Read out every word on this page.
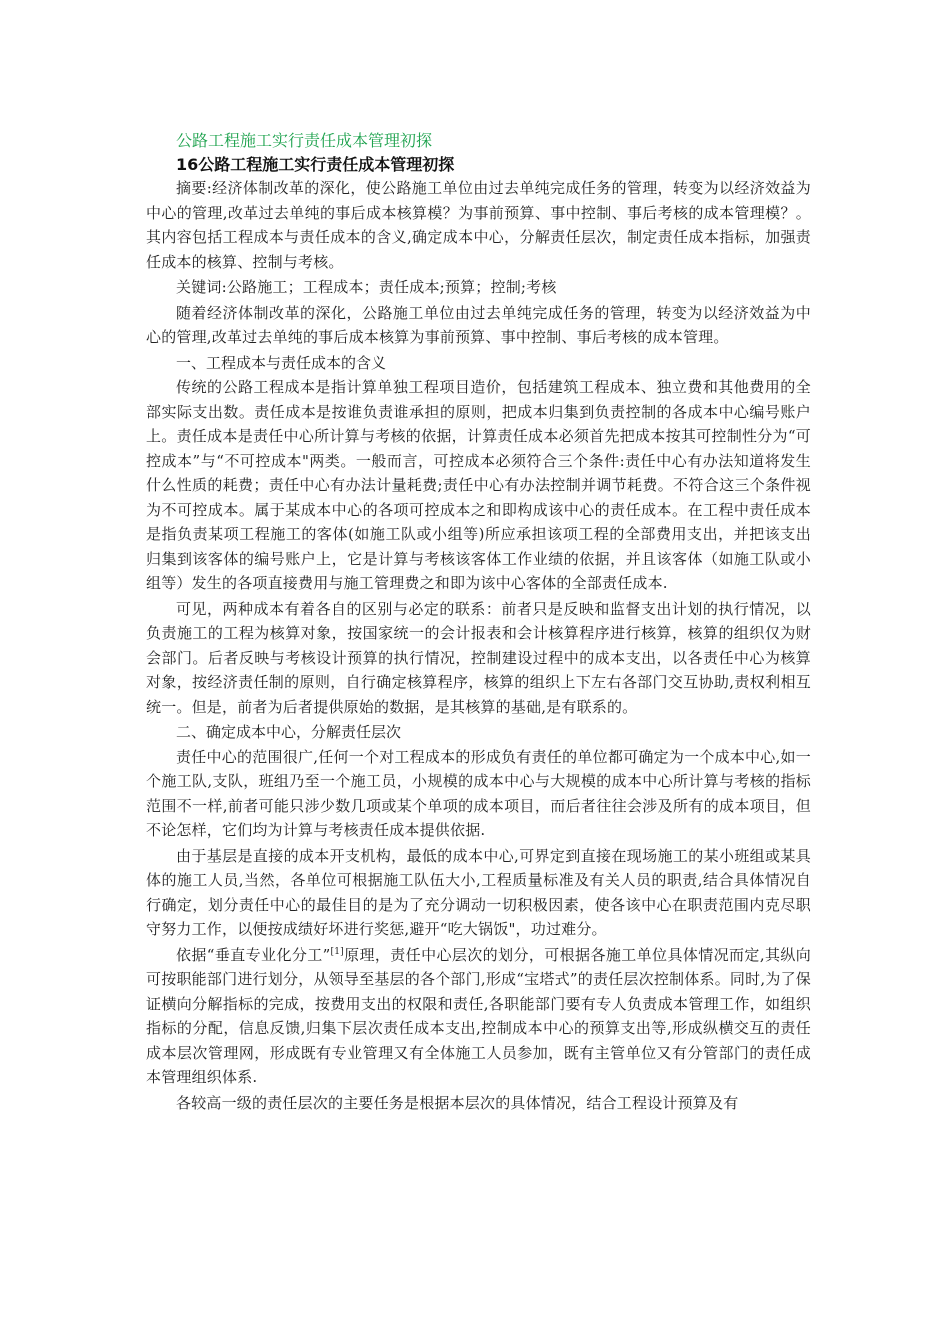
公路工程施工实行责任成本管理初探
16公路工程施工实行责任成本管理初探

摘要:经济体制改革的深化，使公路施工单位由过去单纯完成任务的管理，转变为以经济效益为中心的管理,改革过去单纯的事后成本核算模？为事前预算、事中控制、事后考核的成本管理模？。其内容包括工程成本与责任成本的含义,确定成本中心，分解责任层次，制定责任成本指标，加强责任成本的核算、控制与考核。

关键词:公路施工；工程成本；责任成本;预算；控制;考核

随着经济体制改革的深化，公路施工单位由过去单纯完成任务的管理，转变为以经济效益为中心的管理,改革过去单纯的事后成本核算为事前预算、事中控制、事后考核的成本管理。

一、工程成本与责任成本的含义

传统的公路工程成本是指计算单独工程项目造价，包括建筑工程成本、独立费和其他费用的全部实际支出数。责任成本是按谁负责谁承担的原则，把成本归集到负责控制的各成本中心编号账户上。责任成本是责任中心所计算与考核的依据，计算责任成本必须首先把成本按其可控制性分为“可控成本”与“不可控成本"两类。一般而言，可控成本必须符合三个条件:责任中心有办法知道将发生什么性质的耗费；责任中心有办法计量耗费;责任中心有办法控制并调节耗费。不符合这三个条件视为不可控成本。属于某成本中心的各项可控成本之和即构成该中心的责任成本。在工程中责任成本是指负责某项工程施工的客体(如施工队或小组等)所应承担该项工程的全部费用支出，并把该支出归集到该客体的编号账户上，它是计算与考核该客体工作业绩的依据，并且该客体（如施工队或小组等）发生的各项直接费用与施工管理费之和即为该中心客体的全部责任成本.

可见，两种成本有着各自的区别与必定的联系：前者只是反映和监督支出计划的执行情况，以负责施工的工程为核算对象，按国家统一的会计报表和会计核算程序进行核算，核算的组织仅为财会部门。后者反映与考核设计预算的执行情况，控制建设过程中的成本支出，以各责任中心为核算对象，按经济责任制的原则，自行确定核算程序，核算的组织上下左右各部门交互协助,责权利相互统一。但是，前者为后者提供原始的数据，是其核算的基础,是有联系的。

二、确定成本中心，分解责任层次

责任中心的范围很广,任何一个对工程成本的形成负有责任的单位都可确定为一个成本中心,如一个施工队,支队，班组乃至一个施工员，小规模的成本中心与大规模的成本中心所计算与考核的指标范围不一样,前者可能只涉少数几项或某个单项的成本项目，而后者往往会涉及所有的成本项目，但不论怎样，它们均为计算与考核责任成本提供依据.

由于基层是直接的成本开支机构，最低的成本中心,可界定到直接在现场施工的某小班组或某具体的施工人员,当然，各单位可根据施工队伍大小,工程质量标准及有关人员的职责,结合具体情况自行确定，划分责任中心的最佳目的是为了充分调动一切积极因素，使各该中心在职责范围内克尽职守努力工作，以便按成绩好坏进行奖惩,避开“吃大锅饭"，功过难分。

依据“垂直专业化分工”[1]原理，责任中心层次的划分，可根据各施工单位具体情况而定,其纵向可按职能部门进行划分，从领导至基层的各个部门,形成“宝塔式”的责任层次控制体系。同时,为了保证横向分解指标的完成，按费用支出的权限和责任,各职能部门要有专人负责成本管理工作，如组织指标的分配，信息反馈,归集下层次责任成本支出,控制成本中心的预算支出等,形成纵横交互的责任成本层次管理网，形成既有专业管理又有全体施工人员参加，既有主管单位又有分管部门的责任成本管理组织体系.

各较高一级的责任层次的主要任务是根据本层次的具体情况，结合工程设计预算及有
